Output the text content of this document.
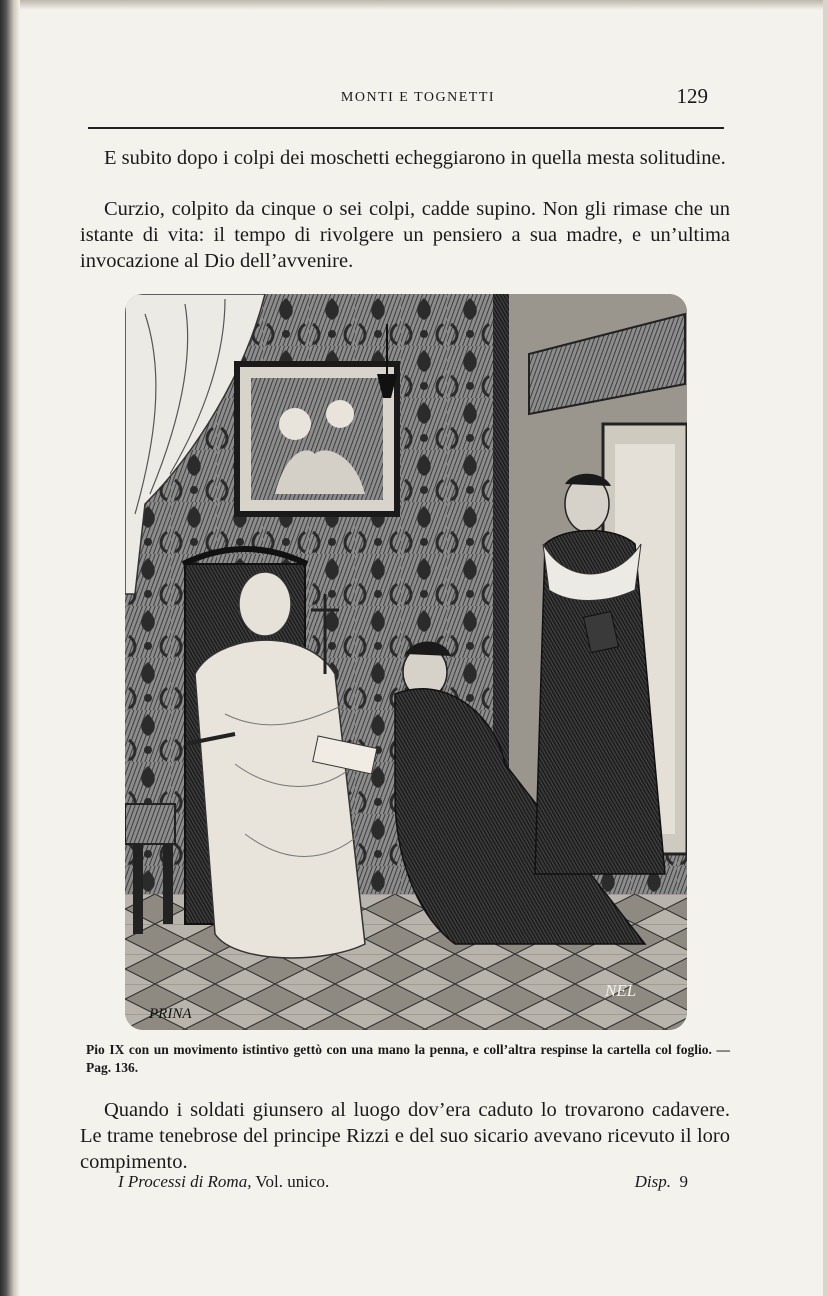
MONTI E TOGNETTI	129

E subito dopo i colpi dei moschetti echeggiarono in quella mesta solitudine.

Curzio, colpito da cinque o sei colpi, cadde supino. Non gli rimase che un istante di vita: il tempo di rivolgere un pensiero a sua madre, e un’ultima invocazione al Dio dell’avvenire.

PRINA
NEL

Pio IX con un movimento istintivo gettò con una mano la penna, e coll’altra respinse la cartella col foglio. — Pag. 136.

Quando i soldati giunsero al luogo dov’era caduto lo trovarono cadavere. Le trame tenebrose del principe Rizzi e del suo sicario avevano ricevuto il loro compimento.

I Processi di Roma, Vol. unico.	Disp. 9
